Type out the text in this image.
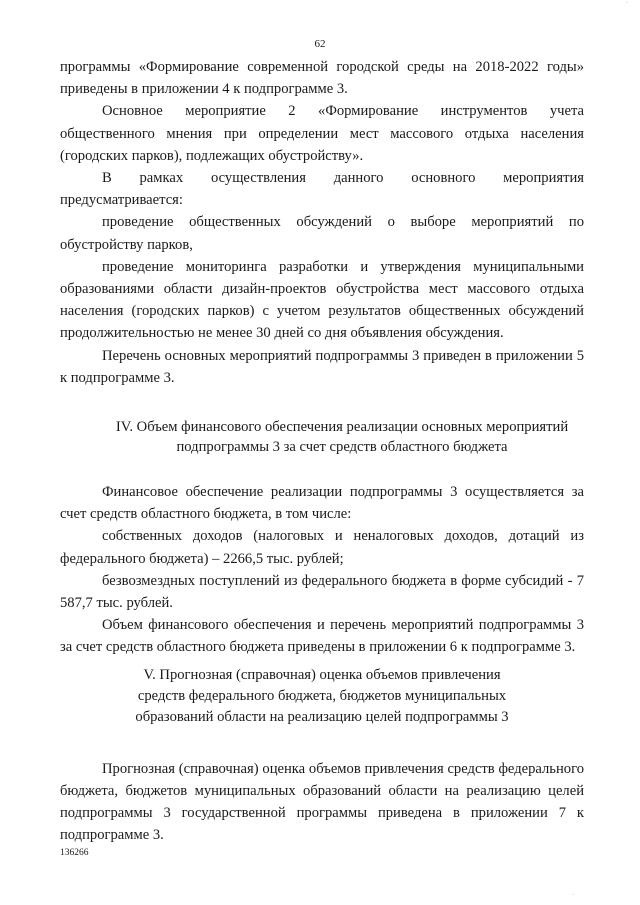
·
62

программы «Формирование современной городской среды на 2018-2022 годы» приведены в приложении 4 к подпрограмме 3.

Основное мероприятие 2 «Формирование инструментов учета общественного мнения при определении мест массового отдыха населения (городских парков), подлежащих обустройству».

В рамках осуществления данного основного мероприятия предусматривается:

проведение общественных обсуждений о выборе мероприятий по обустройству парков,

проведение мониторинга разработки и утверждения муниципальными образованиями области дизайн-проектов обустройства мест массового отдыха населения (городских парков) с учетом результатов общественных обсуждений продолжительностью не менее 30 дней со дня объявления обсуждения.

Перечень основных мероприятий подпрограммы 3 приведен в приложении 5 к подпрограмме 3.

IV. Объем финансового обеспечения реализации основных мероприятий
подпрограммы 3 за счет средств областного бюджета

Финансовое обеспечение реализации подпрограммы 3 осуществляется за счет средств областного бюджета, в том числе:

собственных доходов (налоговых и неналоговых доходов, дотаций из федерального бюджета) – 2266,5 тыс. рублей;

безвозмездных поступлений из федерального бюджета в форме субсидий - 7 587,7 тыс. рублей.

Объем финансового обеспечения и перечень мероприятий подпрограммы 3 за счет средств областного бюджета приведены в приложении 6 к подпрограмме 3.

V. Прогнозная (справочная) оценка объемов привлечения
средств федерального бюджета, бюджетов муниципальных
образований области на реализацию целей подпрограммы 3

Прогнозная (справочная) оценка объемов привлечения средств федерального бюджета, бюджетов муниципальных образований области на реализацию целей подпрограммы 3 государственной программы приведена в приложении 7 к подпрограмме 3.

136266
·
